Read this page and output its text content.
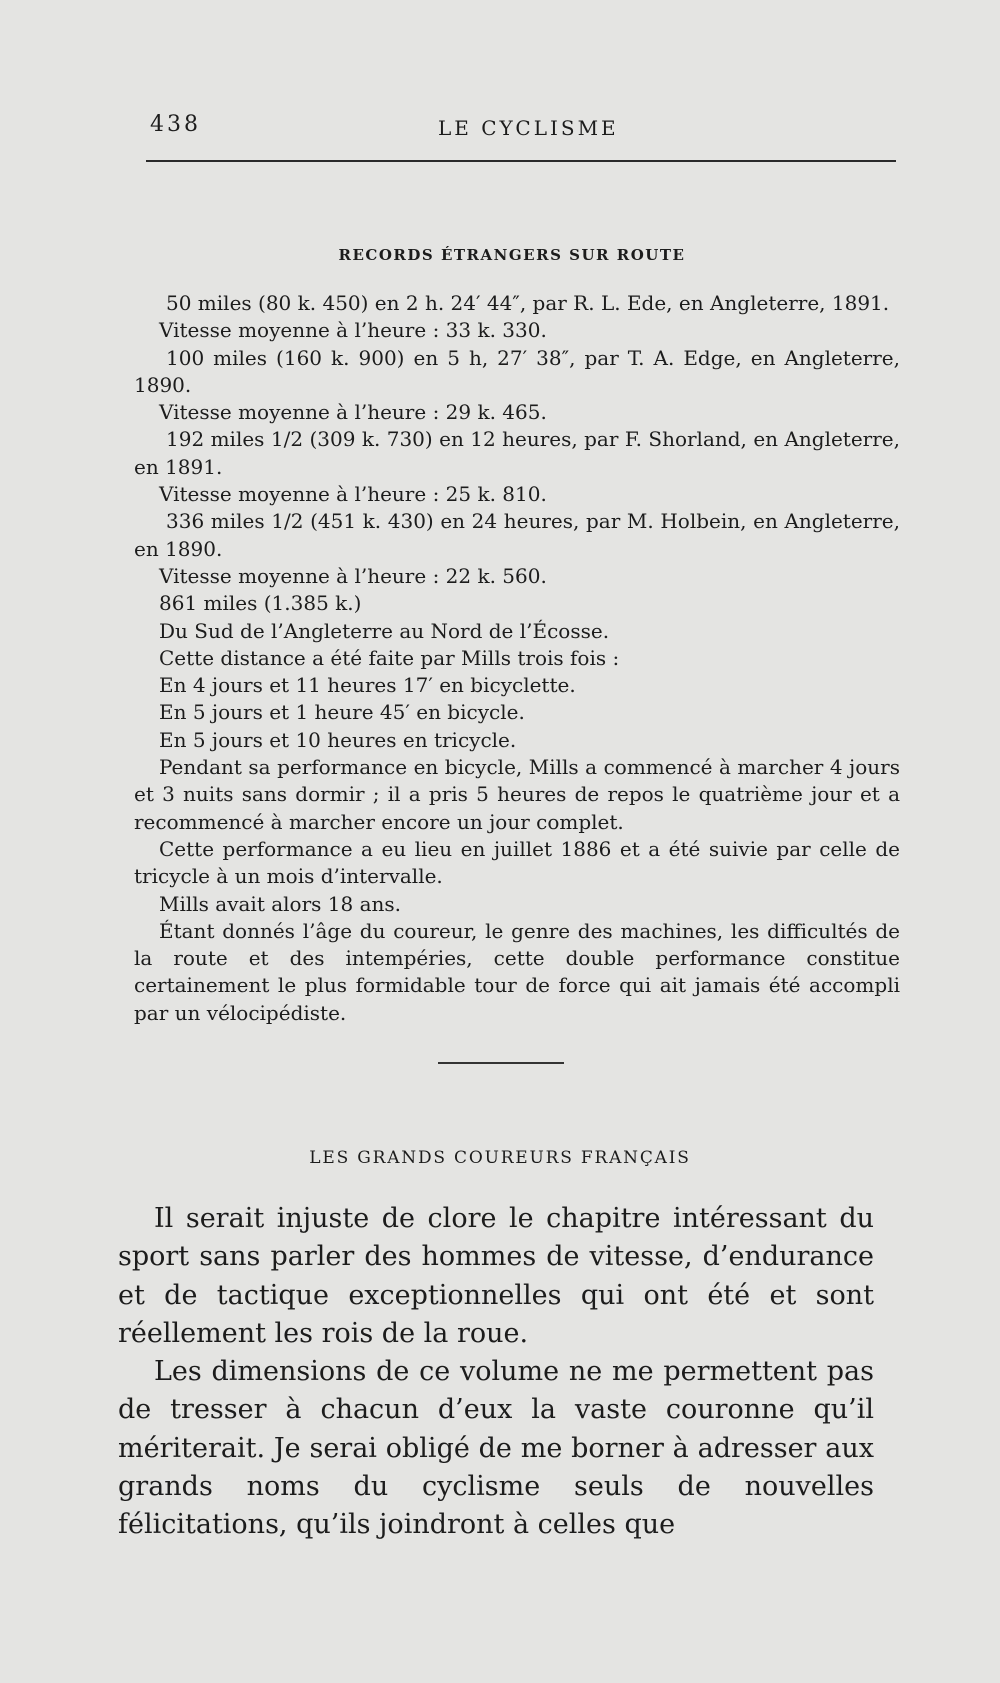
438	LE CYCLISME
RECORDS ÉTRANGERS SUR ROUTE

50 miles (80 k. 450) en 2 h. 24′ 44″, par R. L. Ede, en Angleterre, 1891.

Vitesse moyenne à l’heure : 33 k. 330.

100 miles (160 k. 900) en 5 h, 27′ 38″, par T. A. Edge, en Angleterre, 1890.

Vitesse moyenne à l’heure : 29 k. 465.

192 miles 1/2 (309 k. 730) en 12 heures, par F. Shorland, en Angleterre, en 1891.

Vitesse moyenne à l’heure : 25 k. 810.

336 miles 1/2 (451 k. 430) en 24 heures, par M. Holbein, en Angleterre, en 1890.

Vitesse moyenne à l’heure : 22 k. 560.

861 miles (1.385 k.)

Du Sud de l’Angleterre au Nord de l’Écosse.

Cette distance a été faite par Mills trois fois :

En 4 jours et 11 heures 17′ en bicyclette.

En 5 jours et 1 heure 45′ en bicycle.

En 5 jours et 10 heures en tricycle.

Pendant sa performance en bicycle, Mills a commencé à marcher 4 jours et 3 nuits sans dormir ; il a pris 5 heures de repos le quatrième jour et a recommencé à marcher encore un jour complet.

Cette performance a eu lieu en juillet 1886 et a été suivie par celle de tricycle à un mois d’intervalle.

Mills avait alors 18 ans.

Étant donnés l’âge du coureur, le genre des machines, les difficultés de la route et des intempéries, cette double performance constitue certainement le plus formidable tour de force qui ait jamais été accompli par un vélocipédiste.

LES GRANDS COUREURS FRANÇAIS

Il serait injuste de clore le chapitre intéressant du sport sans parler des hommes de vitesse, d’endurance et de tactique exceptionnelles qui ont été et sont réellement les rois de la roue.

Les dimensions de ce volume ne me permettent pas de tresser à chacun d’eux la vaste couronne qu’il mériterait. Je serai obligé de me borner à adresser aux grands noms du cyclisme seuls de nouvelles félicitations, qu’ils joindront à celles que
